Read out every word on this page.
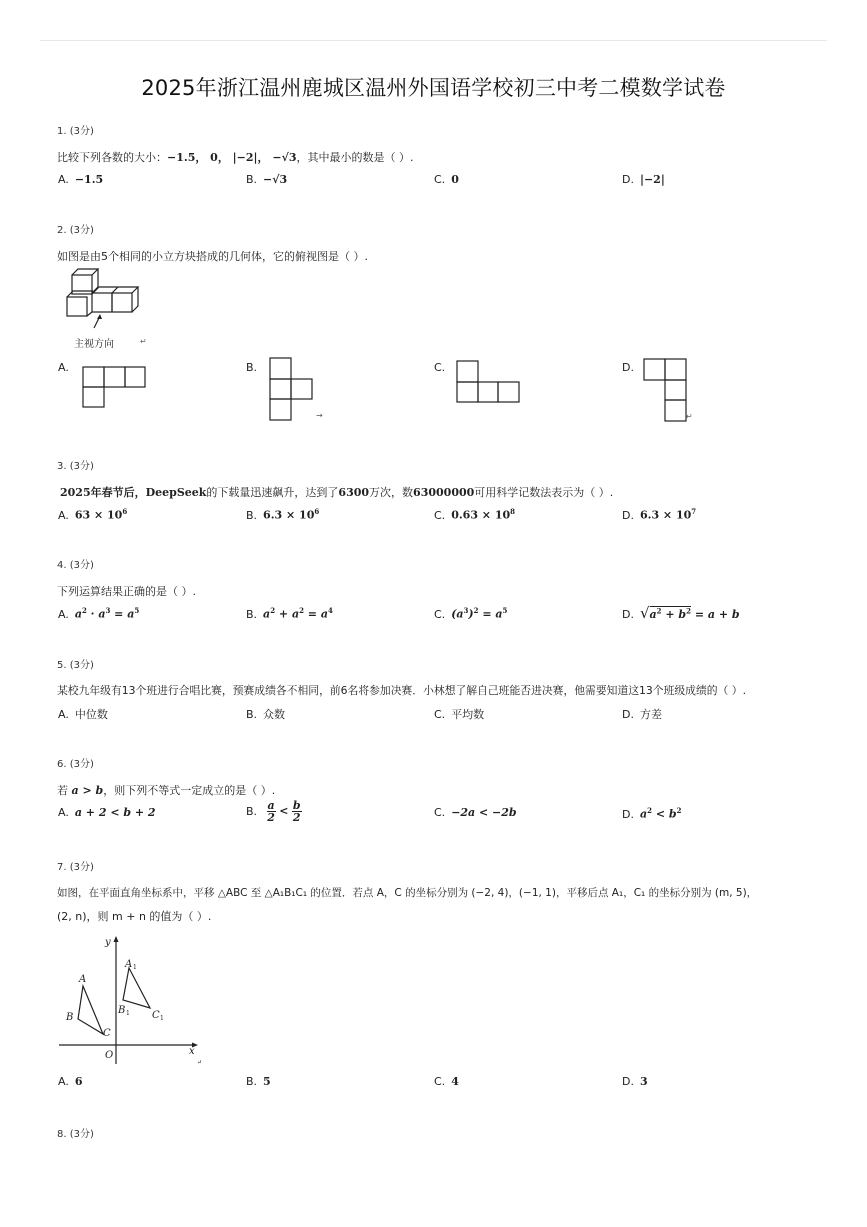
2025年浙江温州鹿城区温州外国语学校初三中考二模数学试卷
1. (3分)
比较下列各数的大小：−1.5， 0， |−2|， −√3，其中最小的数是（ ）.
A. −1.5	B. −√3	C. 0	D. |−2|
2. (3分)
如图是由5个相同的小立方块搭成的几何体，它的俯视图是（ ）.
主视方向	↵
A.	B.
→
C.	D.
↵
3. (3分)
2025年春节后，DeepSeek的下载量迅速飙升，达到了6300万次，数63000000可用科学记数法表示为（ ）.
A. $63 \times 10^6$	B. $6.3 \times 10^6$	C. $0.63 \times 10^8$	D. $6.3 \times 10^7$
4. (3分)
下列运算结果正确的是（ ）.
A. $a^2 \cdot a^3 = a^5$	B. $a^2 + a^2 = a^4$	C. $(a^3)^2 = a^5$	D. $√a^2 + b^2 = a + b$
5. (3分)
某校九年级有13个班进行合唱比赛，预赛成绩各不相同，前6名将参加决赛．小林想了解自己班能否进决赛，他需要知道这13个班级成绩的（ ）.
A. 中位数	B. 众数	C. 平均数	D. 方差
6. (3分)
若 a > b，则下列不等式一定成立的是（ ）.
A. a + 2 < b + 2	B. $\frac{a}{2} < \frac{b}{2}$	C. −2a < −2b	D. $a^2 < b^2$
7. (3分)
如图，在平面直角坐标系中，平移 △ABC 至 △A₁B₁C₁ 的位置．若点 A，C 的坐标分别为 (−2, 4)，(−1, 1)，平移后点 A₁，C₁ 的坐标分别为 (m, 5)，
(2, n)，则 m + n 的值为（ ）.
y
x
O
↵
A
B
C
A 1
B 1 C 1
A. 6	B. 5	C. 4	D. 3
8. (3分)
